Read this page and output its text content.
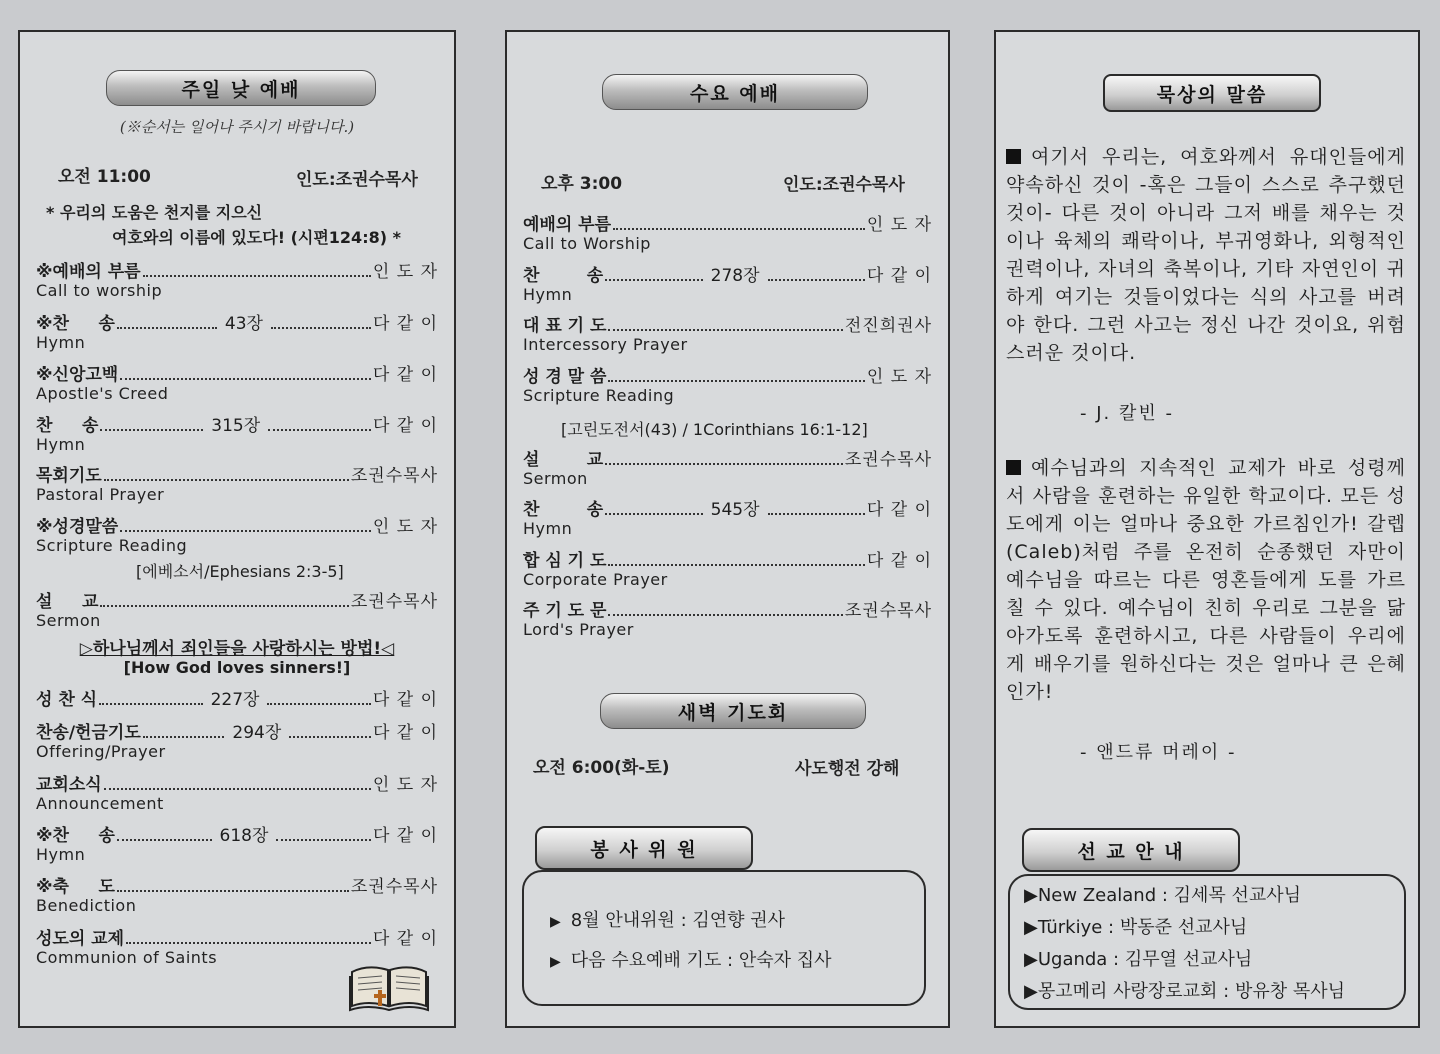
주일 낮 예배
(※순서는 일어나 주시기 바랍니다.)
오전 11:00	인도:조권수목사
* 우리의 도움은 천지를 지으신
여호와의 이름에 있도다! (시편124:8) *
※예배의 부름	인 도 자
Call to worship
※찬     송	43장	다 같 이
Hymn
※신앙고백	다 같 이
Apostle's Creed
찬     송	315장	다 같 이
Hymn
목회기도	조권수목사
Pastoral Prayer
※성경말씀	인 도 자
Scripture Reading
설     교	조권수목사
Sermon
성 찬 식	227장	다 같 이
찬송/헌금기도	294장	다 같 이
Offering/Prayer
교회소식	인 도 자
Announcement
※찬     송	618장	다 같 이
Hymn
※축     도	조권수목사
Benediction
성도의 교제	다 같 이
Communion of Saints
[에베소서/Ephesians 2:3-5]
▷하나님께서 죄인들을 사랑하시는 방법!◁
[How God loves sinners!]
수요 예배
오후 3:00	인도:조권수목사
예배의 부름	인 도 자
Call to Worship
찬        송	278장	다 같 이
Hymn
대 표 기 도	전진희권사
Intercessory Prayer
성 경 말 씀	인 도 자
Scripture Reading
설        교	조권수목사
Sermon
찬        송	545장	다 같 이
Hymn
합 심 기 도	다 같 이
Corporate Prayer
주 기 도 문	조권수목사
Lord's Prayer
[고린도전서(43) / 1Corinthians 16:1-12]
새벽 기도회
오전 6:00(화-토)	사도행전 강해
▶ 8월 안내위원 : 김연향 권사
▶ 다음 수요예배 기도 : 안숙자 집사
봉 사 위 원
묵상의 말씀
여기서 우리는, 여호와께서 유대인들에게 약속하신 것이 -혹은 그들이 스스로 추구했던 것이- 다른 것이 아니라 그저 배를 채우는 것이나 육체의 쾌락이나, 부귀영화나, 외형적인 권력이나, 자녀의 축복이나, 기타 자연인이 귀하게 여기는 것들이었다는 식의 사고를 버려야 한다. 그런 사고는 정신 나간 것이요, 위험스러운 것이다.
- J. 칼빈 -
예수님과의 지속적인 교제가 바로 성령께서 사람을 훈련하는 유일한 학교이다. 모든 성도에게 이는 얼마나 중요한 가르침인가! 갈렙(Caleb)처럼 주를 온전히 순종했던 자만이 예수님을 따르는 다른 영혼들에게 도를 가르칠 수 있다. 예수님이 친히 우리로 그분을 닮아가도록 훈련하시고, 다른 사람들이 우리에게 배우기를 원하신다는 것은 얼마나 큰 은혜인가!
- 앤드류 머레이 -
▶New Zealand : 김세목 선교사님
▶Türkiye : 박동준 선교사님
▶Uganda : 김무열 선교사님
▶몽고메리 사랑장로교회 : 방유창 목사님
선 교 안 내
